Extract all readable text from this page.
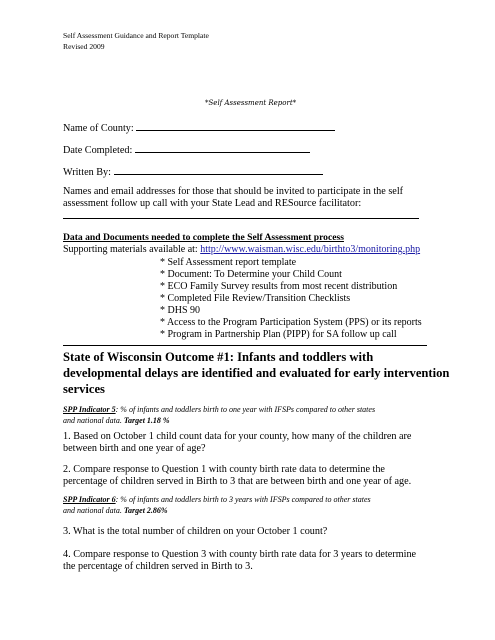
Self Assessment Guidance and Report Template
Revised 2009
*Self Assessment Report*
Name of County:
Date Completed:
Written By:
Names and email addresses for those that should be invited to participate in the self
assessment follow up call with your State Lead and RESource facilitator:
Data and Documents needed to complete the Self Assessment process
Supporting materials available at: http://www.waisman.wisc.edu/birthto3/monitoring.php
* Self Assessment report template
* Document: To Determine your Child Count
* ECO Family Survey results from most recent distribution
* Completed File Review/Transition Checklists
* DHS 90
* Access to the Program Participation System (PPS) or its reports
* Program in Partnership Plan (PIPP) for SA follow up call
State of Wisconsin Outcome #1: Infants and toddlers with
developmental delays are identified and evaluated for early intervention
services
SPP Indicator 5: % of infants and toddlers birth to one year with IFSPs compared to other states
and national data. Target 1.18 %
1. Based on October 1 child count data for your county, how many of the children are
between birth and one year of age?
2. Compare response to Question 1 with county birth rate data to determine the
percentage of children served in Birth to 3 that are between birth and one year of age.
SPP Indicator 6: % of infants and toddlers birth to 3 years with IFSPs compared to other states
and national data. Target 2.86%
3. What is the total number of children on your October 1 count?
4. Compare response to Question 3 with county birth rate data for 3 years to determine
the percentage of children served in Birth to 3.
